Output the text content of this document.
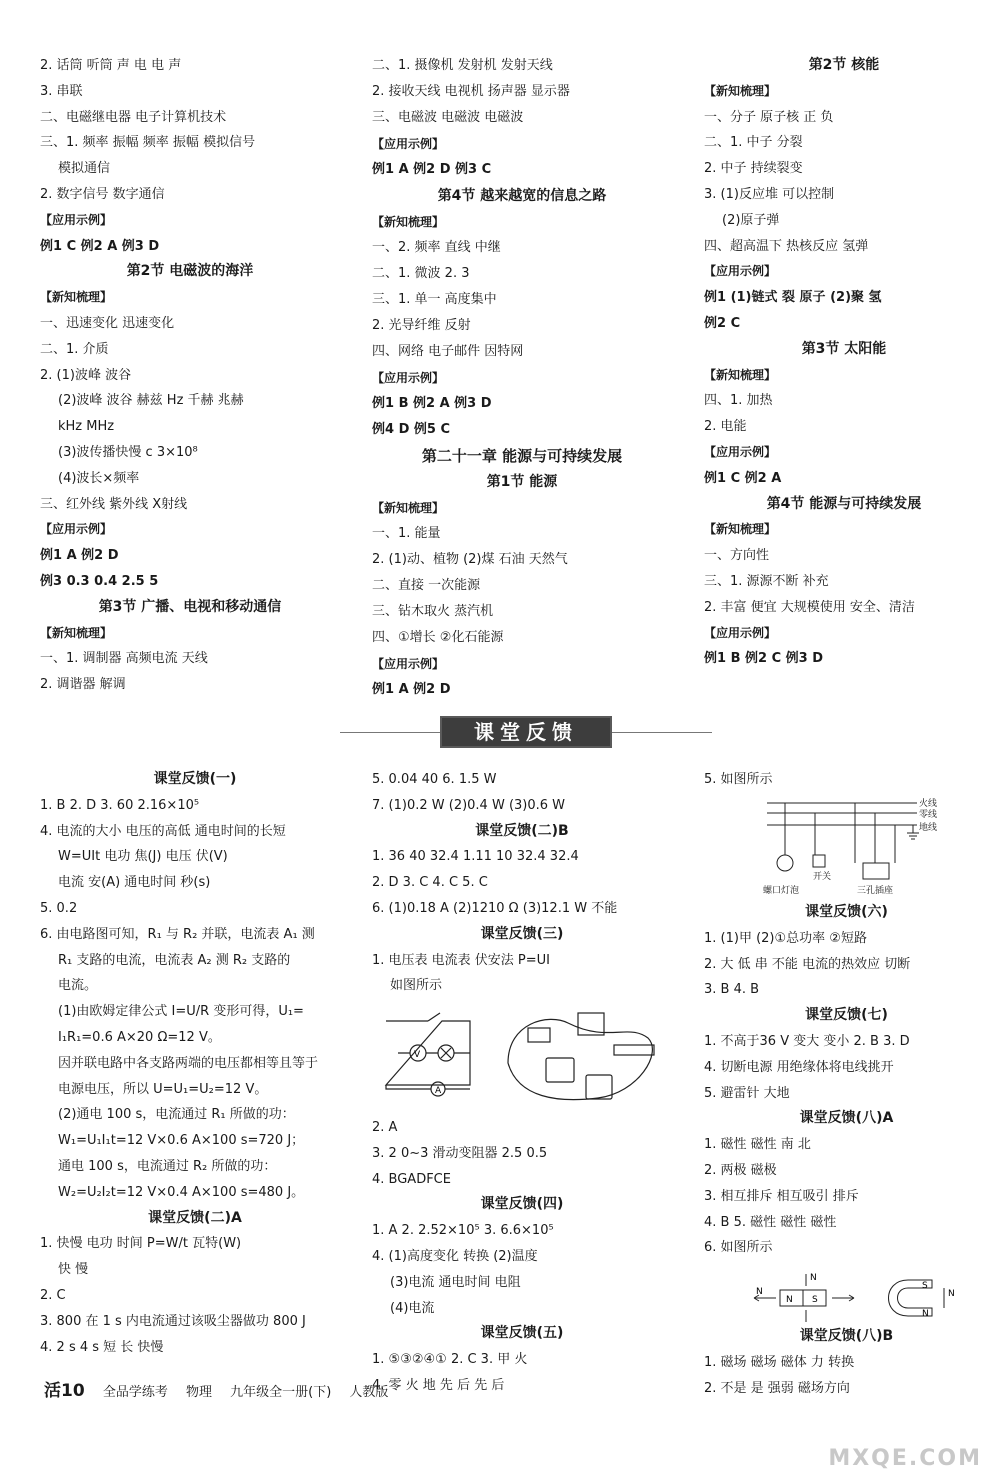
2. 话筒 听筒 声 电 电 声
3. 串联
二、电磁继电器 电子计算机技术
三、1. 频率 振幅 频率 振幅 模拟信号
模拟通信
2. 数字信号 数字通信
【应用示例】
例1 C 例2 A 例3 D
第2节 电磁波的海洋
【新知梳理】
一、迅速变化 迅速变化
二、1. 介质
2. (1)波峰 波谷
(2)波峰 波谷 赫兹 Hz 千赫 兆赫
kHz MHz
(3)波传播快慢 c 3×10⁸
(4)波长×频率
三、红外线 紫外线 X射线
【应用示例】
例1 A 例2 D
例3 0.3 0.4 2.5 5
第3节 广播、电视和移动通信
【新知梳理】
一、1. 调制器 高频电流 天线
2. 调谐器 解调
二、1. 摄像机 发射机 发射天线
2. 接收天线 电视机 扬声器 显示器
三、电磁波 电磁波 电磁波
【应用示例】
例1 A 例2 D 例3 C
第4节 越来越宽的信息之路
【新知梳理】
一、2. 频率 直线 中继
二、1. 微波 2. 3
三、1. 单一 高度集中
2. 光导纤维 反射
四、网络 电子邮件 因特网
【应用示例】
例1 B 例2 A 例3 D
例4 D 例5 C
第二十一章 能源与可持续发展
第1节 能源
【新知梳理】
一、1. 能量
2. (1)动、植物 (2)煤 石油 天然气
二、直接 一次能源
三、钻木取火 蒸汽机
四、①增长 ②化石能源
【应用示例】
例1 A 例2 D
第2节 核能
【新知梳理】
一、分子 原子核 正 负
二、1. 中子 分裂
2. 中子 持续裂变
3. (1)反应堆 可以控制
(2)原子弹
四、超高温下 热核反应 氢弹
【应用示例】
例1 (1)链式 裂 原子 (2)聚 氢
例2 C
第3节 太阳能
【新知梳理】
四、1. 加热
2. 电能
【应用示例】
例1 C 例2 A
第4节 能源与可持续发展
【新知梳理】
一、方向性
三、1. 源源不断 补充
2. 丰富 便宜 大规模使用 安全、清洁
【应用示例】
例1 B 例2 C 例3 D
课堂反馈
课堂反馈(一)
1. B 2. D 3. 60 2.16×10⁵
4. 电流的大小 电压的高低 通电时间的长短
W=UIt 电功 焦(J) 电压 伏(V)
电流 安(A) 通电时间 秒(s)
5. 0.2
6. 由电路图可知，R₁ 与 R₂ 并联，电流表 A₁ 测
R₁ 支路的电流，电流表 A₂ 测 R₂ 支路的
电流。
(1)由欧姆定律公式 I=U/R 变形可得，U₁=
I₁R₁=0.6 A×20 Ω=12 V。
因并联电路中各支路两端的电压都相等且等于
电源电压，所以 U=U₁=U₂=12 V。
(2)通电 100 s，电流通过 R₁ 所做的功：
W₁=U₁I₁t=12 V×0.6 A×100 s=720 J；
通电 100 s，电流通过 R₂ 所做的功：
W₂=U₂I₂t=12 V×0.4 A×100 s=480 J。
课堂反馈(二)A
1. 快慢 电功 时间 P=W/t 瓦特(W)
快 慢
2. C
3. 800 在 1 s 内电流通过该吸尘器做功 800 J
4. 2 s 4 s 短 长 快慢
5. 0.04 40 6. 1.5 W
7. (1)0.2 W (2)0.4 W (3)0.6 W
课堂反馈(二)B
1. 36 40 32.4 1.11 10 32.4 32.4
2. D 3. C 4. C 5. C
6. (1)0.18 A (2)1210 Ω (3)12.1 W 不能
课堂反馈(三)
1. 电压表 电流表 伏安法 P=UI
如图所示
V
A
2. A
3. 2 0~3 滑动变阻器 2.5 0.5
4. BGADFCE
课堂反馈(四)
1. A 2. 2.52×10⁵ 3. 6.6×10⁵
4. (1)高度变化 转换 (2)温度
(3)电流 通电时间 电阻
(4)电流
课堂反馈(五)
1. ⑤③②④① 2. C 3. 甲 火
4. 零 火 地 先 后 先 后
5. 如图所示
火线
零线
地线
开关
螺口灯泡	三孔插座
课堂反馈(六)
1. (1)甲 (2)①总功率 ②短路
2. 大 低 串 不能 电流的热效应 切断
3. B 4. B
课堂反馈(七)
1. 不高于36 V 变大 变小 2. B 3. D
4. 切断电源 用绝缘体将电线挑开
5. 避雷针 大地
课堂反馈(八)A
1. 磁性 磁性 南 北
2. 两极 磁极
3. 相互排斥 相互吸引 排斥
4. B 5. 磁性 磁性 磁性
6. 如图所示
N S
N
N
S
N
N
课堂反馈(八)B
1. 磁场 磁场 磁体 力 转换
2. 不是 是 强弱 磁场方向
活10 全品学练考 物理 九年级全一册(下) 人教版
MXQE.COM
